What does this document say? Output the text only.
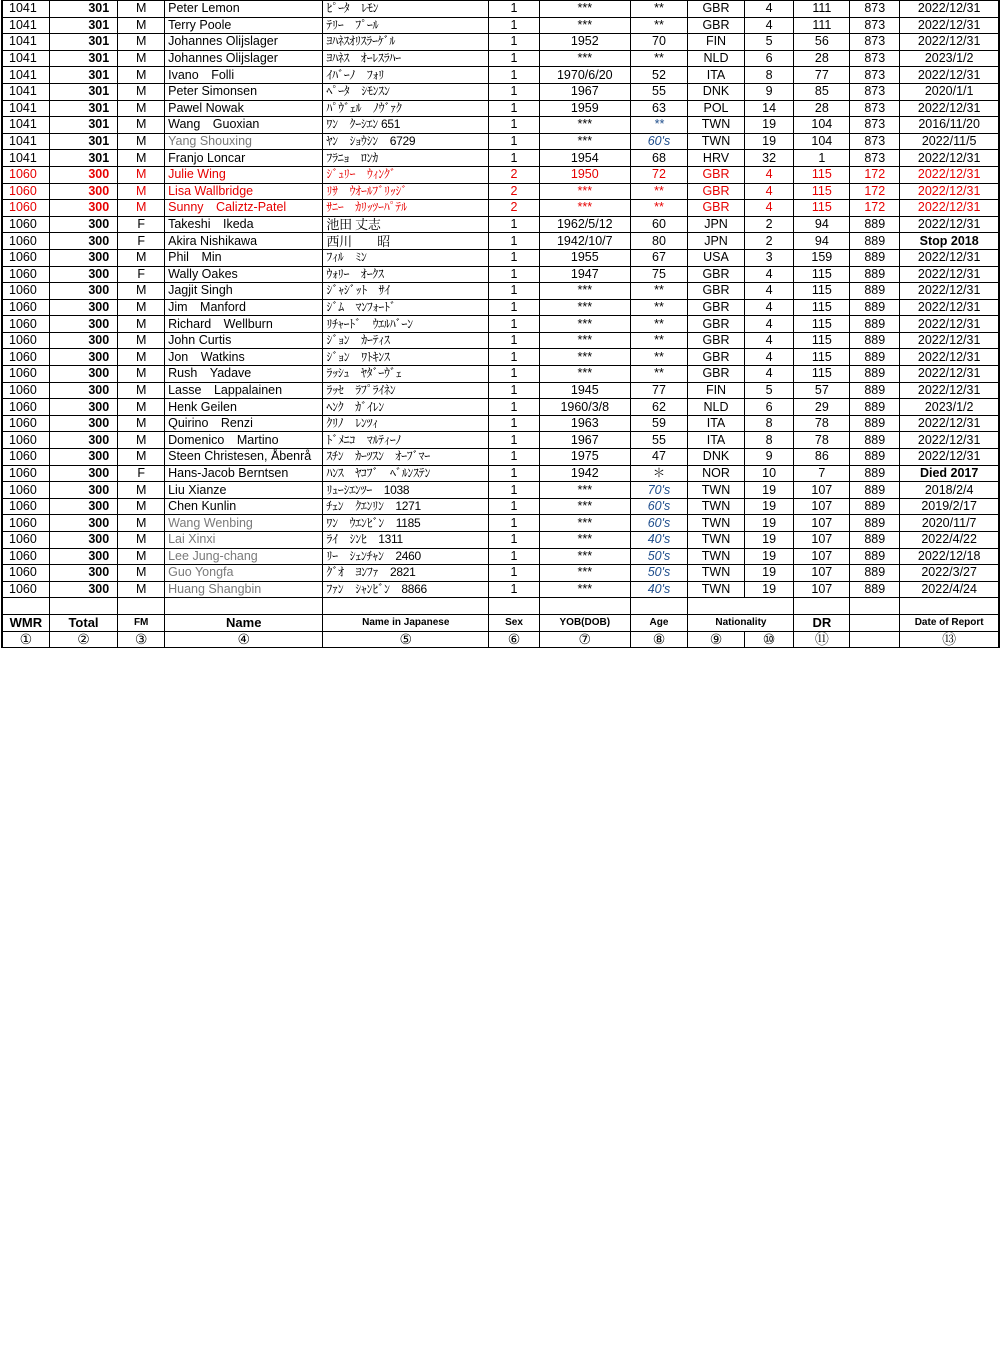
1041	301	M	Peter Lemon	ﾋﾟｰﾀ　ﾚﾓﾝ	1	***	**	GBR	4	111	873	2022/12/31
1041	301	M	Terry Poole	ﾃﾘｰ　ﾌﾟｰﾙ	1	***	**	GBR	4	111	873	2022/12/31
1041	301	M	Johannes Olijslager	ﾖﾊﾈｽｵﾘｽﾗｰｹﾞﾙ	1	1952	70	FIN	5	56	873	2022/12/31
1041	301	M	Johannes Olijslager	ﾖﾊﾈｽ　ｵｰﾚｽﾗﾊｰ	1	***	**	NLD	6	28	873	2023/1/2
1041	301	M	Ivano　Folli	ｲﾊﾞｰﾉ　ﾌｫﾘ	1	1970/6/20	52	ITA	8	77	873	2022/12/31
1041	301	M	Peter Simonsen	ﾍﾟｰﾀ　ｼﾓﾝｽﾝ	1	1967	55	DNK	9	85	873	2020/1/1
1041	301	M	Pawel Nowak	ﾊﾟｳﾞｪﾙ　ﾉｳﾞｧｸ	1	1959	63	POL	14	28	873	2022/12/31
1041	301	M	Wang　Guoxian	ﾜﾝ　ｸｰｼｴﾝ 651	1	***	**	TWN	19	104	873	2016/11/20
1041	301	M	Yang Shouxing	ﾔﾝ　ｼｮｳｼﾝ　6729	1	***	60's	TWN	19	104	873	2022/11/5
1041	301	M	Franjo Loncar	ﾌﾗﾆｮ　ﾛﾝｶ	1	1954	68	HRV	32	1	873	2022/12/31
1060	300	M	Julie Wing	ｼﾞｭﾘｰ　ｳｨﾝｸﾞ	2	1950	72	GBR	4	115	172	2022/12/31
1060	300	M	Lisa Wallbridge	ﾘｻ　ｳｵｰﾙﾌﾞﾘｯｼﾞ	2	***	**	GBR	4	115	172	2022/12/31
1060	300	M	Sunny　Caliztz-Patel	ｻﾆｰ　ｶﾘｯﾂｰﾊﾟﾃﾙ	2	***	**	GBR	4	115	172	2022/12/31
1060	300	F	Takeshi　Ikeda	池田 丈志	1	1962/5/12	60	JPN	2	94	889	2022/12/31
1060	300	F	Akira Nishikawa	西川　　昭	1	1942/10/7	80	JPN	2	94	889	Stop 2018
1060	300	M	Phil　Min	ﾌｨﾙ　ﾐﾝ	1	1955	67	USA	3	159	889	2022/12/31
1060	300	F	Wally Oakes	ｳｫﾘｰ　ｵｰｸｽ	1	1947	75	GBR	4	115	889	2022/12/31
1060	300	M	Jagjit Singh	ｼﾞｬｼﾞｯﾄ　ｻｲ	1	***	**	GBR	4	115	889	2022/12/31
1060	300	M	Jim　Manford	ｼﾞﾑ　ﾏﾝﾌｫｰﾄﾞ	1	***	**	GBR	4	115	889	2022/12/31
1060	300	M	Richard　Wellburn	ﾘﾁｬｰﾄﾞ　ｳｴﾙﾊﾞｰﾝ	1	***	**	GBR	4	115	889	2022/12/31
1060	300	M	John Curtis	ｼﾞｮﾝ　ｶｰﾃｨｽ	1	***	**	GBR	4	115	889	2022/12/31
1060	300	M	Jon　Watkins	ｼﾞｮﾝ　ﾜﾄｷﾝｽ	1	***	**	GBR	4	115	889	2022/12/31
1060	300	M	Rush　Yadave	ﾗｯｼｭ　ﾔﾀﾞｰｳﾞｪ	1	***	**	GBR	4	115	889	2022/12/31
1060	300	M	Lasse　Lappalainen	ﾗｯｾ　ﾗﾌﾟﾗｲﾈﾝ	1	1945	77	FIN	5	57	889	2022/12/31
1060	300	M	Henk Geilen	ﾍﾝｸ　ｶﾞｲﾚﾝ	1	1960/3/8	62	NLD	6	29	889	2023/1/2
1060	300	M	Quirino　Renzi	ｸﾘﾉ　ﾚﾝﾂｨ	1	1963	59	ITA	8	78	889	2022/12/31
1060	300	M	Domenico　Martino	ﾄﾞﾒﾆｺ　ﾏﾙﾃｨｰﾉ	1	1967	55	ITA	8	78	889	2022/12/31
1060	300	M	Steen Christesen, Åbenrå	ｽﾁﾝ　ｶｰﾂｽﾝ　ｵｰﾌﾞﾏｰ	1	1975	47	DNK	9	86	889	2022/12/31
1060	300	F	Hans-Jacob Berntsen	ﾊﾝｽ　ﾔｺﾌﾞ　ﾍﾞﾙﾝｽﾃﾝ	1	1942	＊	NOR	10	7	889	Died 2017
1060	300	M	Liu Xianze	ﾘｭｰｼｴﾝﾂｰ　1038	1	***	70's	TWN	19	107	889	2018/2/4
1060	300	M	Chen Kunlin	ﾁｪﾝ　ｸｴﾝﾘﾝ　1271	1	***	60's	TWN	19	107	889	2019/2/17
1060	300	M	Wang Wenbing	ﾜﾝ　ｳｴﾝﾋﾞﾝ　1185	1	***	60's	TWN	19	107	889	2020/11/7
1060	300	M	Lai Xinxi	ﾗｲ　ｼﾝﾋ　1311	1	***	40's	TWN	19	107	889	2022/4/22
1060	300	M	Lee Jung-chang	ﾘｰ　ｼｪﾝﾁｬﾝ　2460	1	***	50's	TWN	19	107	889	2022/12/18
1060	300	M	Guo Yongfa	ｸﾞｵ　ﾖﾝﾌｧ　2821	1	***	50's	TWN	19	107	889	2022/3/27
1060	300	M	Huang Shangbin	ﾌｧﾝ　ｼｬﾝﾋﾞﾝ　8866	1	***	40's	TWN	19	107	889	2022/4/24

WMR	Total	FM	Name	Name in Japanese	Sex	YOB(DOB)	Age	Nationality		DR		Date of Report
①	②	③	④	⑤	⑥	⑦	⑧	⑨	⑩	⑪		⑬
